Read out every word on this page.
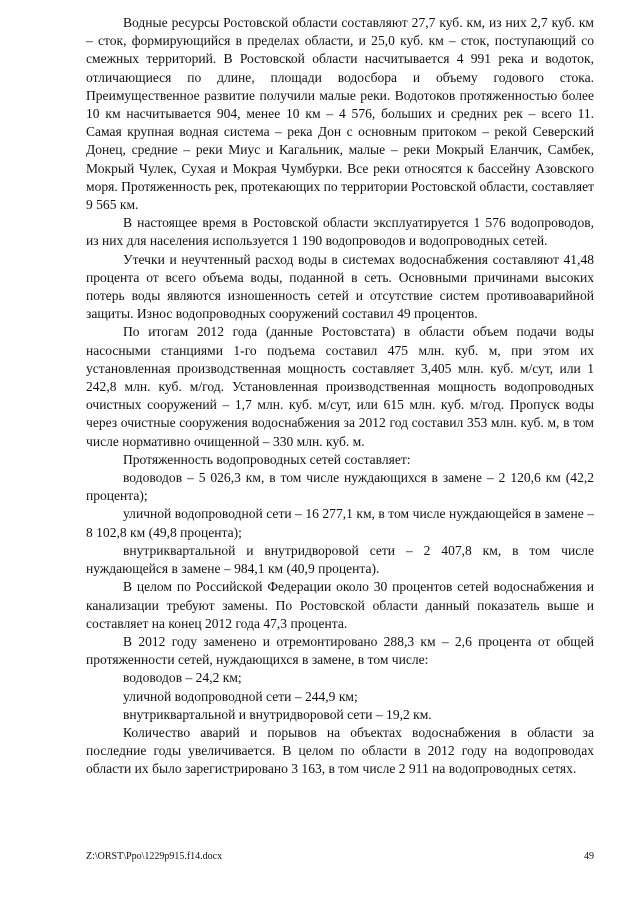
Водные ресурсы Ростовской области составляют 27,7 куб. км, из них 2,7 куб. км – сток, формирующийся в пределах области, и 25,0 куб. км – сток, поступающий со смежных территорий. В Ростовской области насчитывается 4 991 река и водоток, отличающиеся по длине, площади водосбора и объему годового стока. Преимущественное развитие получили малые реки. Водотоков протяженностью более 10 км насчитывается 904, менее 10 км – 4 576, больших и средних рек – всего 11. Самая крупная водная система – река Дон с основным притоком – рекой Северский Донец, средние – реки Миус и Кагальник, малые – реки Мокрый Еланчик, Самбек, Мокрый Чулек, Сухая и Мокрая Чумбурки. Все реки относятся к бассейну Азовского моря. Протяженность рек, протекающих по территории Ростовской области, составляет 9 565 км.

В настоящее время в Ростовской области эксплуатируется 1 576 водопроводов, из них для населения используется 1 190 водопроводов и водопроводных сетей.

Утечки и неучтенный расход воды в системах водоснабжения составляют 41,48 процента от всего объема воды, поданной в сеть. Основными причинами высоких потерь воды являются изношенность сетей и отсутствие систем противоаварийной защиты. Износ водопроводных сооружений составил 49 процентов.

По итогам 2012 года (данные Ростовстата) в области объем подачи воды насосными станциями 1-го подъема составил 475 млн. куб. м, при этом их установленная производственная мощность составляет 3,405 млн. куб. м/сут, или 1 242,8 млн. куб. м/год. Установленная производственная мощность водопроводных очистных сооружений – 1,7 млн. куб. м/сут, или 615 млн. куб. м/год. Пропуск воды через очистные сооружения водоснабжения за 2012 год составил 353 млн. куб. м, в том числе нормативно очищенной – 330 млн. куб. м.

Протяженность водопроводных сетей составляет:

водоводов – 5 026,3 км, в том числе нуждающихся в замене – 2 120,6 км (42,2 процента);

уличной водопроводной сети – 16 277,1 км, в том числе нуждающейся в замене – 8 102,8 км (49,8 процента);

внутриквартальной и внутридворовой сети – 2 407,8 км, в том числе нуждающейся в замене – 984,1 км (40,9 процента).

В целом по Российской Федерации около 30 процентов сетей водоснабжения и канализации требуют замены. По Ростовской области данный показатель выше и составляет на конец 2012 года 47,3 процента.

В 2012 году заменено и отремонтировано 288,3 км – 2,6 процента от общей протяженности сетей, нуждающихся в замене, в том числе:

водоводов – 24,2 км;

уличной водопроводной сети – 244,9 км;

внутриквартальной и внутридворовой сети – 19,2 км.

Количество аварий и порывов на объектах водоснабжения в области за последние годы увеличивается. В целом по области в 2012 году на водопроводах области их было зарегистрировано 3 163, в том числе 2 911 на водопроводных сетях.

Z:\ORST\Ppo\1229p915.f14.docx	49
